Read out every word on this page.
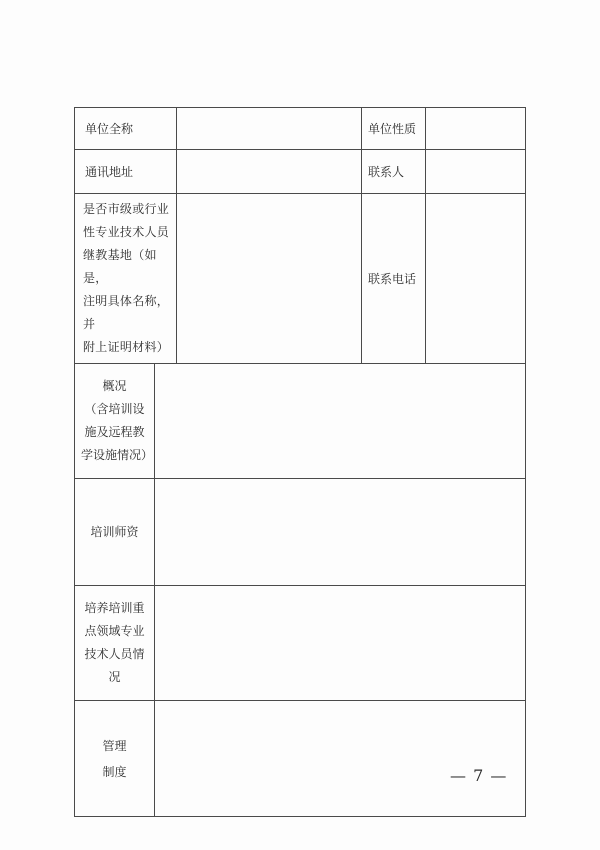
单位全称			单位性质	
通讯地址			联系人	

是否市级或行业
性专业技术人员
继教基地（如是，
注明具体名称，并
附上证明材料）			联系电话	

概况
（含培训设
施及远程教
学设施情况）				

培训师资				

培养培训重
点领域专业
技术人员情
况				

管理
制度				
		— 7 —
